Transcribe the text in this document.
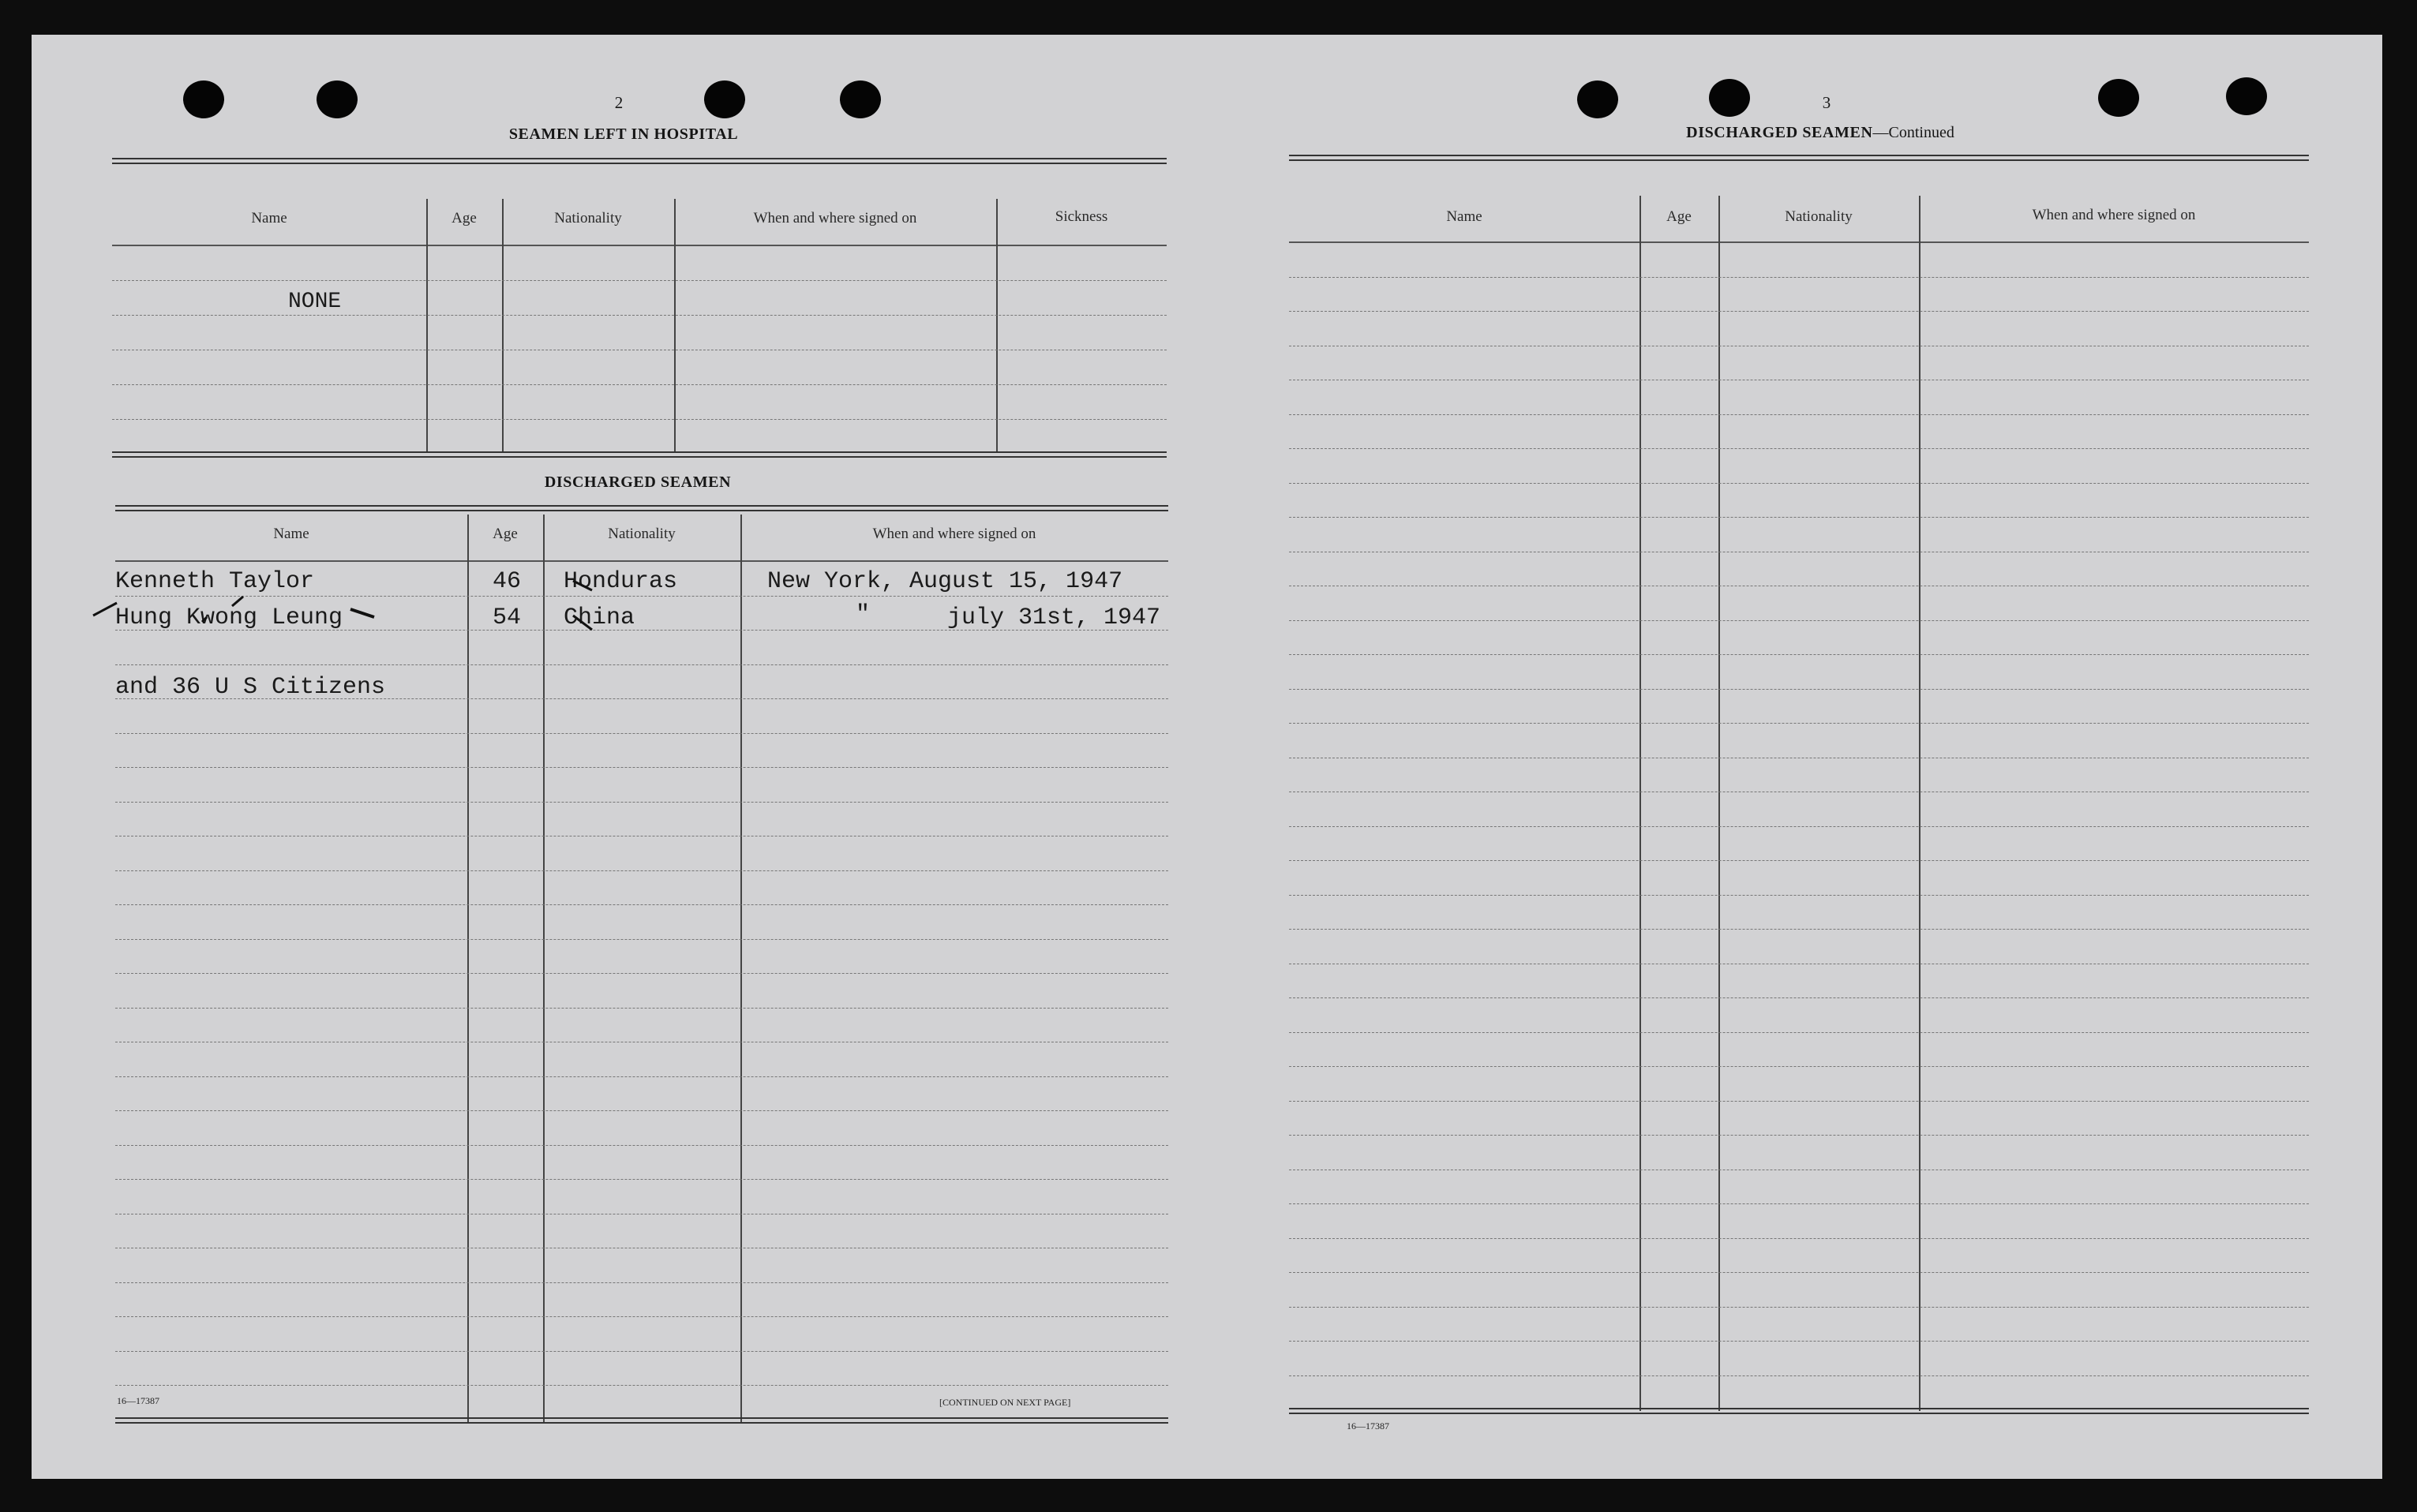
2
SEAMEN LEFT IN HOSPITAL
Name	Age	Nationality	When and where signed on	Sickness
NONE
DISCHARGED SEAMEN
Name	Age	Nationality	When and where signed on
Kenneth Taylor	46 Honduras	New York, August 15, 1947
Hung Kwong Leung	54 China	"	july 31st, 1947
and 36 U S Citizens
16—17387	[CONTINUED ON NEXT PAGE]
3
DISCHARGED SEAMEN—Continued
Name	Age	Nationality	When and where signed on
16—17387
